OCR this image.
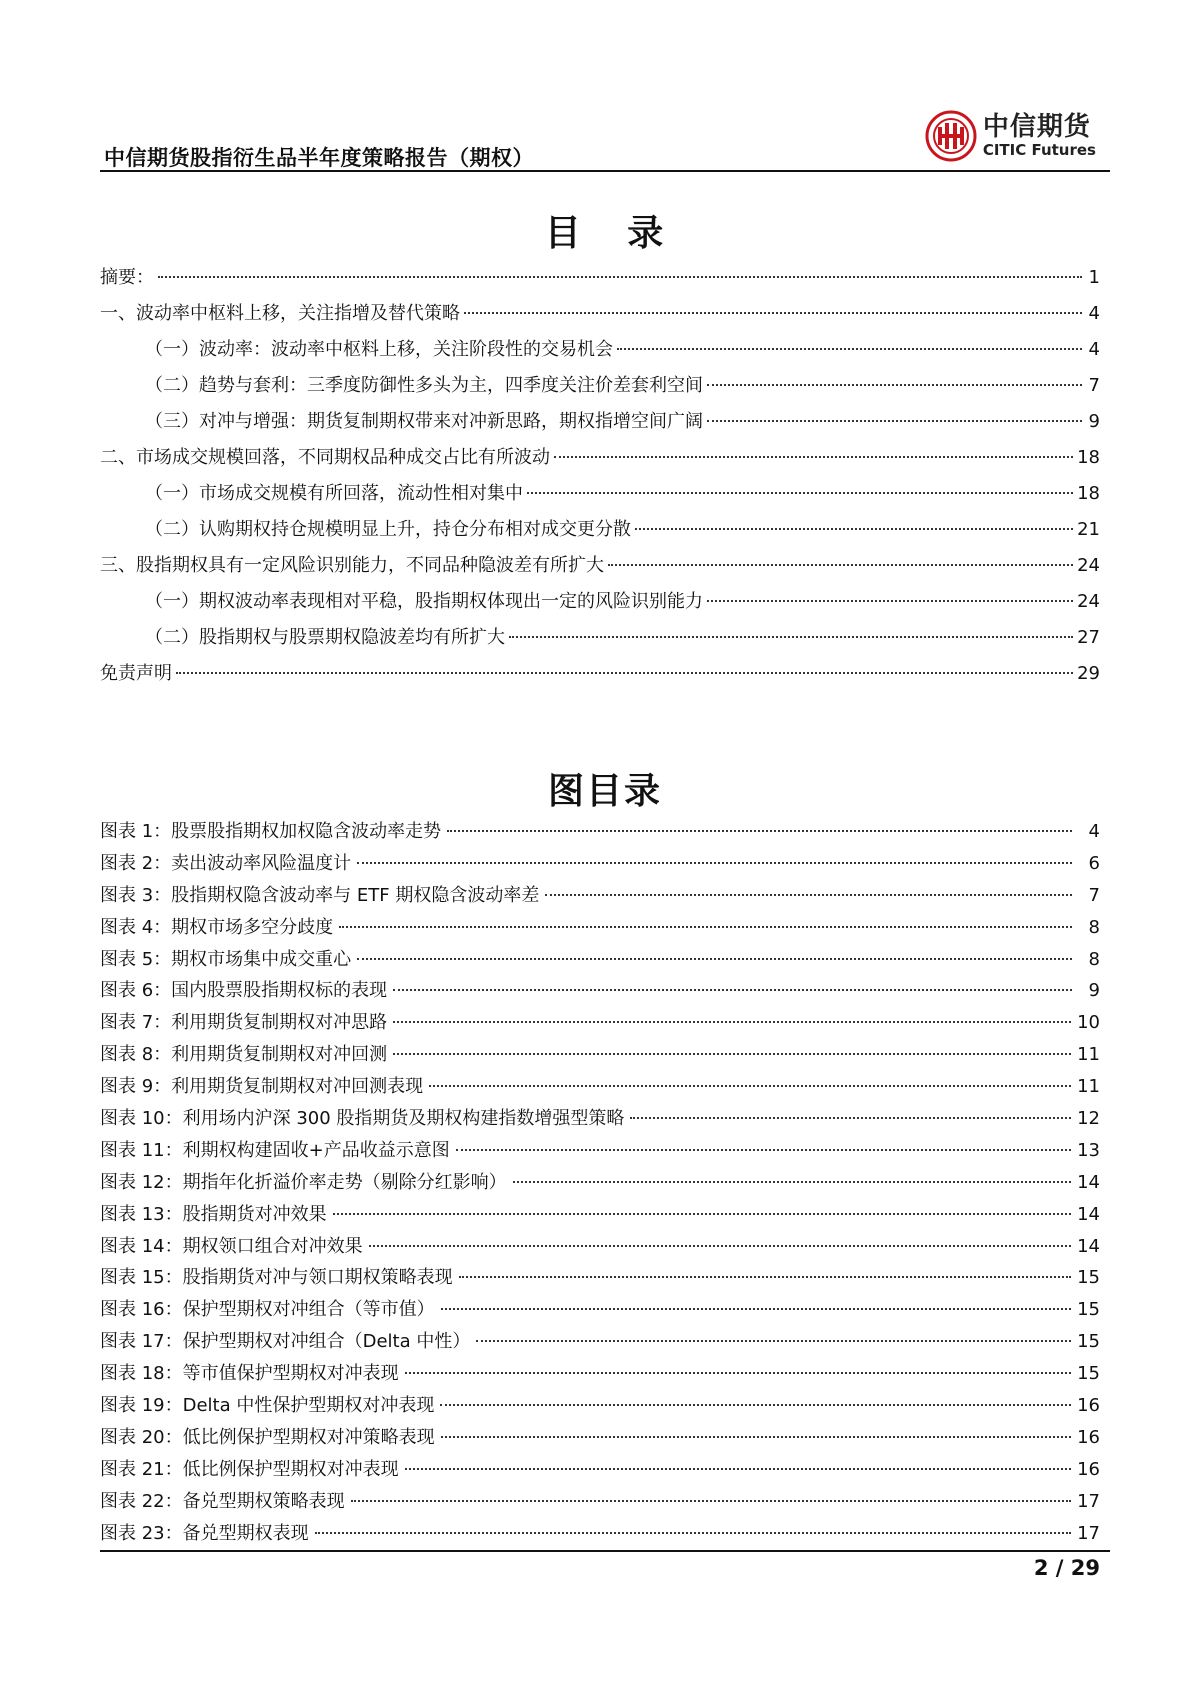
中信期货股指衍生品半年度策略报告（期权）
中信期货
CITIC Futures
目 录
摘要：	1
一、波动率中枢料上移，关注指增及替代策略	4
（一）波动率：波动率中枢料上移，关注阶段性的交易机会	4
（二）趋势与套利：三季度防御性多头为主，四季度关注价差套利空间	7
（三）对冲与增强：期货复制期权带来对冲新思路，期权指增空间广阔	9
二、市场成交规模回落，不同期权品种成交占比有所波动	18
（一）市场成交规模有所回落，流动性相对集中	18
（二）认购期权持仓规模明显上升，持仓分布相对成交更分散	21
三、股指期权具有一定风险识别能力，不同品种隐波差有所扩大	24
（一）期权波动率表现相对平稳，股指期权体现出一定的风险识别能力	24
（二）股指期权与股票期权隐波差均有所扩大	27
免责声明	29
图目录
图表 1：股票股指期权加权隐含波动率走势	4
图表 2：卖出波动率风险温度计	6
图表 3：股指期权隐含波动率与 ETF 期权隐含波动率差	7
图表 4：期权市场多空分歧度	8
图表 5：期权市场集中成交重心	8
图表 6：国内股票股指期权标的表现	9
图表 7：利用期货复制期权对冲思路	10
图表 8：利用期货复制期权对冲回测	11
图表 9：利用期货复制期权对冲回测表现	11
图表 10：利用场内沪深 300 股指期货及期权构建指数增强型策略	12
图表 11：利期权构建固收+产品收益示意图	13
图表 12：期指年化折溢价率走势（剔除分红影响）	14
图表 13：股指期货对冲效果	14
图表 14：期权领口组合对冲效果	14
图表 15：股指期货对冲与领口期权策略表现	15
图表 16：保护型期权对冲组合（等市值）	15
图表 17：保护型期权对冲组合（Delta 中性）	15
图表 18：等市值保护型期权对冲表现	15
图表 19：Delta 中性保护型期权对冲表现	16
图表 20：低比例保护型期权对冲策略表现	16
图表 21：低比例保护型期权对冲表现	16
图表 22：备兑型期权策略表现	17
图表 23：备兑型期权表现	17
2 / 29
